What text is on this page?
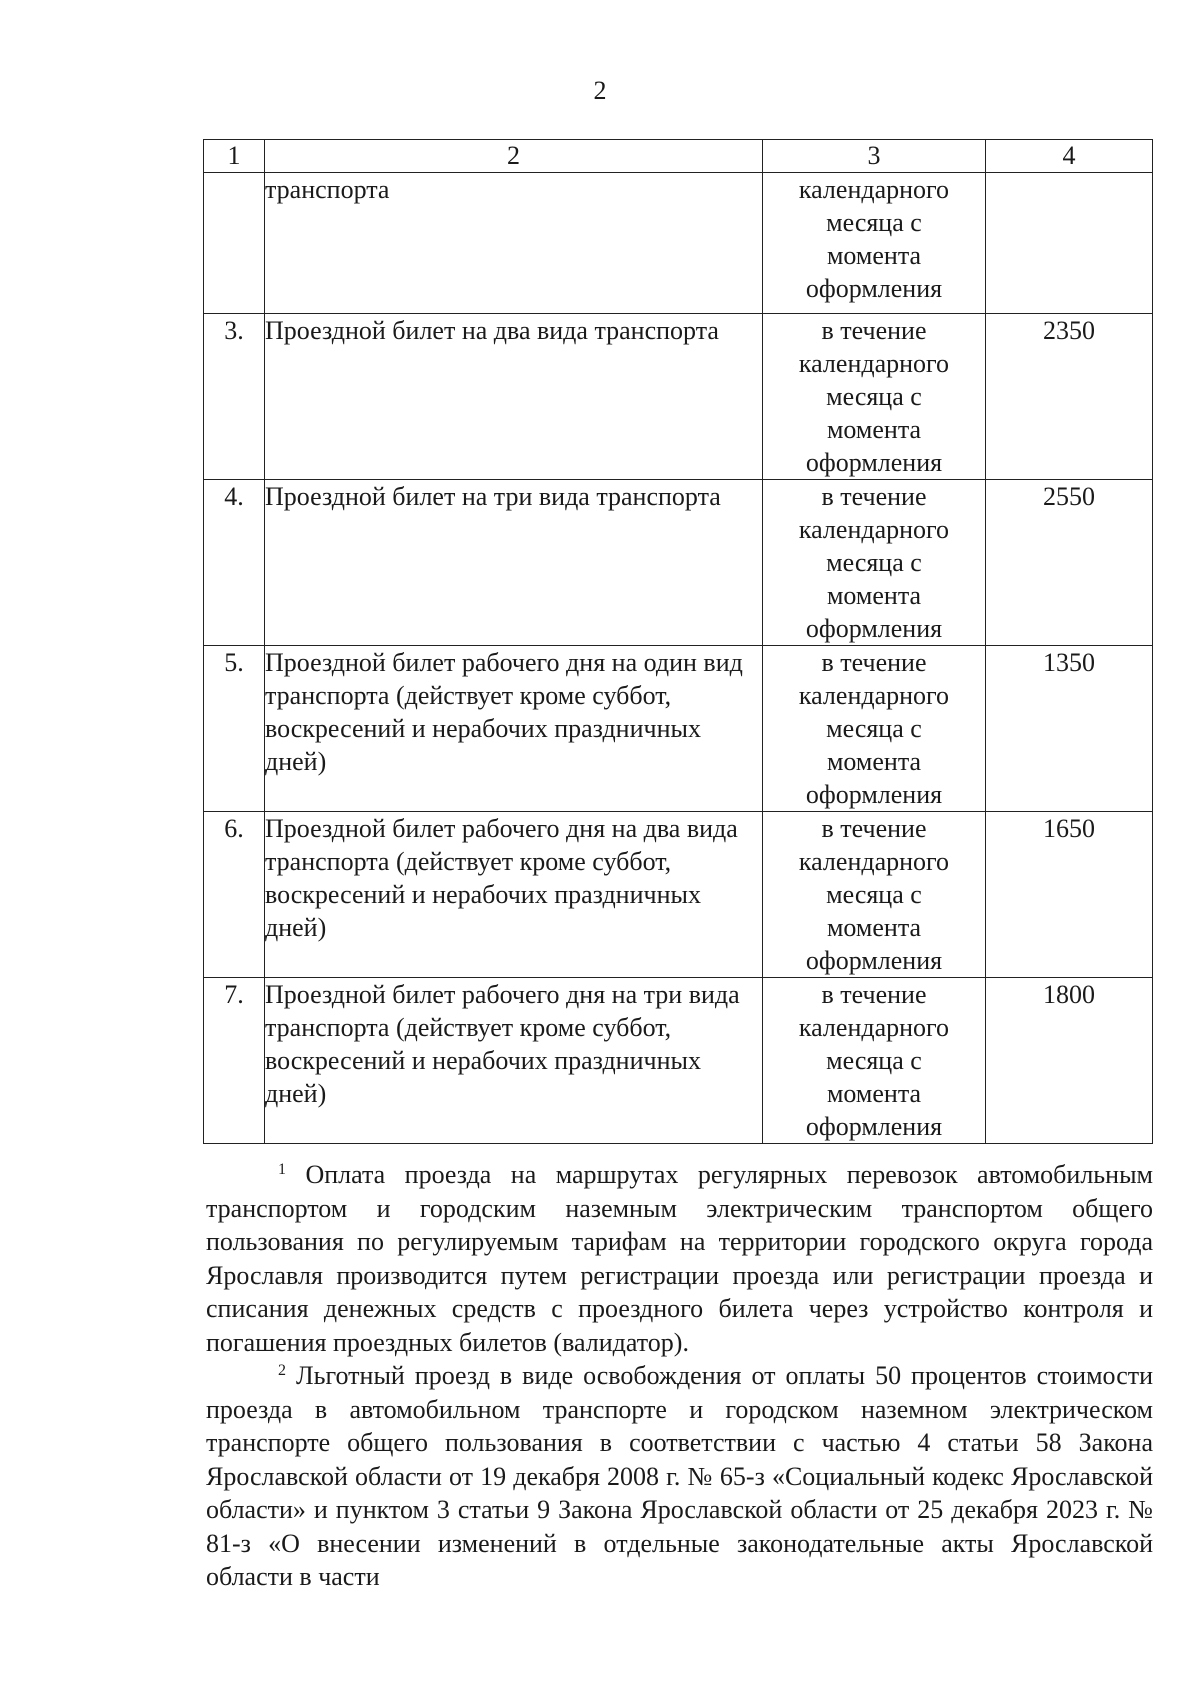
2
1	2	3	4
	транспорта	календарного
месяца с
момента
оформления	

3.	Проездной билет на два вида транспорта	в течение
календарного
месяца с
момента
оформления	2350
4.	Проездной билет на три вида транспорта	в течение
календарного
месяца с
момента
оформления	2550
5.	Проездной билет рабочего дня на один вид транспорта (действует кроме суббот, воскресений и нерабочих праздничных дней)	в течение
календарного
месяца с
момента
оформления	1350
6.	Проездной билет рабочего дня на два вида транспорта (действует кроме суббот, воскресений и нерабочих праздничных дней)	в течение
календарного
месяца с
момента
оформления	1650
7.	Проездной билет рабочего дня на три вида транспорта (действует кроме суббот, воскресений и нерабочих праздничных дней)	в течение
календарного
месяца с
момента
оформления	1800

$^1$ Оплата проезда на маршрутах регулярных перевозок автомобильным транспортом и городским наземным электрическим транспортом общего пользования по регулируемым тарифам на территории городского округа города Ярославля производится путем регистрации проезда или регистрации проезда и списания денежных средств с проездного билета через устройство контроля и погашения проездных билетов (валидатор).

$^2$ Льготный проезд в виде освобождения от оплаты 50 процентов стоимости проезда в автомобильном транспорте и городском наземном электрическом транспорте общего пользования в соответствии с частью 4 статьи 58 Закона Ярославской области от 19 декабря 2008 г. № 65-з «Социальный кодекс Ярославской области» и пунктом 3 статьи 9 Закона Ярославской области от 25 декабря 2023 г. № 81-з «О внесении изменений в отдельные законодательные акты Ярославской области в части
